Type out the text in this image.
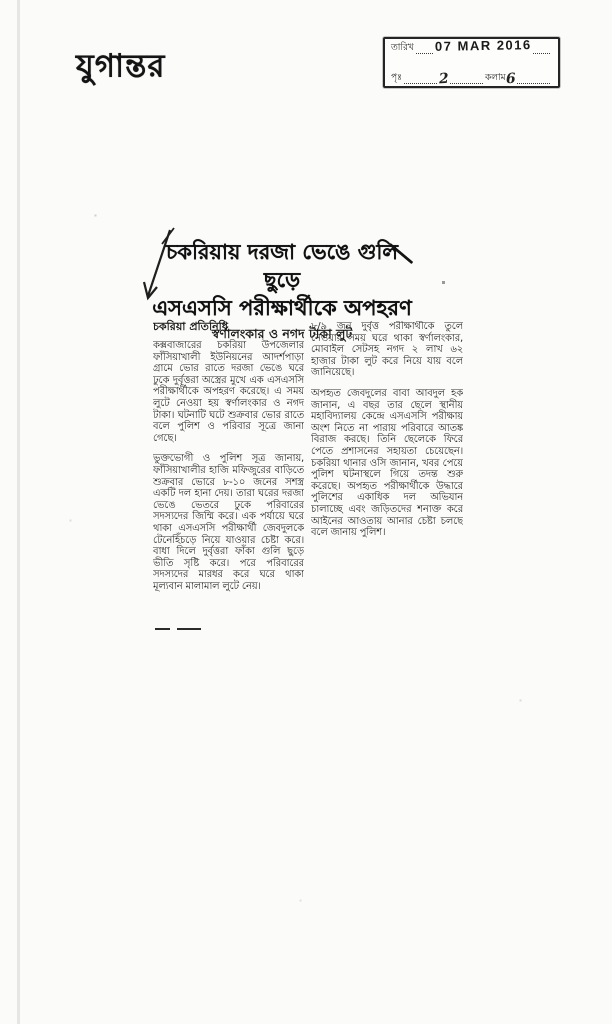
যুগান্তর	তারিখ 07 MAR 2016
পৃঃ	2	কলাম 6
চকরিয়ায় দরজা ভেঙে গুলি ছুড়ে
এসএসসি পরীক্ষার্থীকে অপহরণ
স্বর্ণালংকার ও নগদ টাকা লুট

চকরিয়া প্রতিনিধি

কক্সবাজারের চকরিয়া উপজেলার ফাঁসিয়াখালী ইউনিয়নের আদর্শপাড়া গ্রামে ভোর রাতে দরজা ভেঙে ঘরে ঢুকে দুর্বৃত্তরা অস্ত্রের মুখে এক এসএসসি পরীক্ষার্থীকে অপহরণ করেছে। এ সময় লুটে নেওয়া হয় স্বর্ণালংকার ও নগদ টাকা। ঘটনাটি ঘটে শুক্রবার ভোর রাতে বলে পুলিশ ও পরিবার সূত্রে জানা গেছে।

ভুক্তভোগী ও পুলিশ সূত্র জানায়, ফাঁসিয়াখালীর হাজি মফিজুরের বাড়িতে শুক্রবার ভোরে ৮-১০ জনের সশস্ত্র একটি দল হানা দেয়। তারা ঘরের দরজা ভেঙে ভেতরে ঢুকে পরিবারের সদস্যদের জিম্মি করে। এক পর্যায়ে ঘরে থাকা এসএসসি পরীক্ষার্থী জেবদুলকে টেনেহিঁচড়ে নিয়ে যাওয়ার চেষ্টা করে। বাধা দিলে দুর্বৃত্তরা ফাঁকা গুলি ছুড়ে ভীতি সৃষ্টি করে। পরে পরিবারের সদস্যদের মারধর করে ঘরে থাকা মূল্যবান মালামাল লুটে নেয়।

৮/৯ জন দুর্বৃত্ত পরীক্ষার্থীকে তুলে নেওয়ার সময় ঘরে থাকা স্বর্ণালংকার, মোবাইল সেটসহ নগদ ২ লাখ ৬২ হাজার টাকা লুট করে নিয়ে যায় বলে জানিয়েছে।

অপহৃত জেবদুলের বাবা আবদুল হক জানান, এ বছর তার ছেলে স্থানীয় মহাবিদ্যালয় কেন্দ্রে এসএসসি পরীক্ষায় অংশ নিতে না পারায় পরিবারে আতঙ্ক বিরাজ করছে। তিনি ছেলেকে ফিরে পেতে প্রশাসনের সহায়তা চেয়েছেন। চকরিয়া থানার ওসি জানান, খবর পেয়ে পুলিশ ঘটনাস্থলে গিয়ে তদন্ত শুরু করেছে। অপহৃত পরীক্ষার্থীকে উদ্ধারে পুলিশের একাধিক দল অভিযান চালাচ্ছে এবং জড়িতদের শনাক্ত করে আইনের আওতায় আনার চেষ্টা চলছে বলে জানায় পুলিশ।
